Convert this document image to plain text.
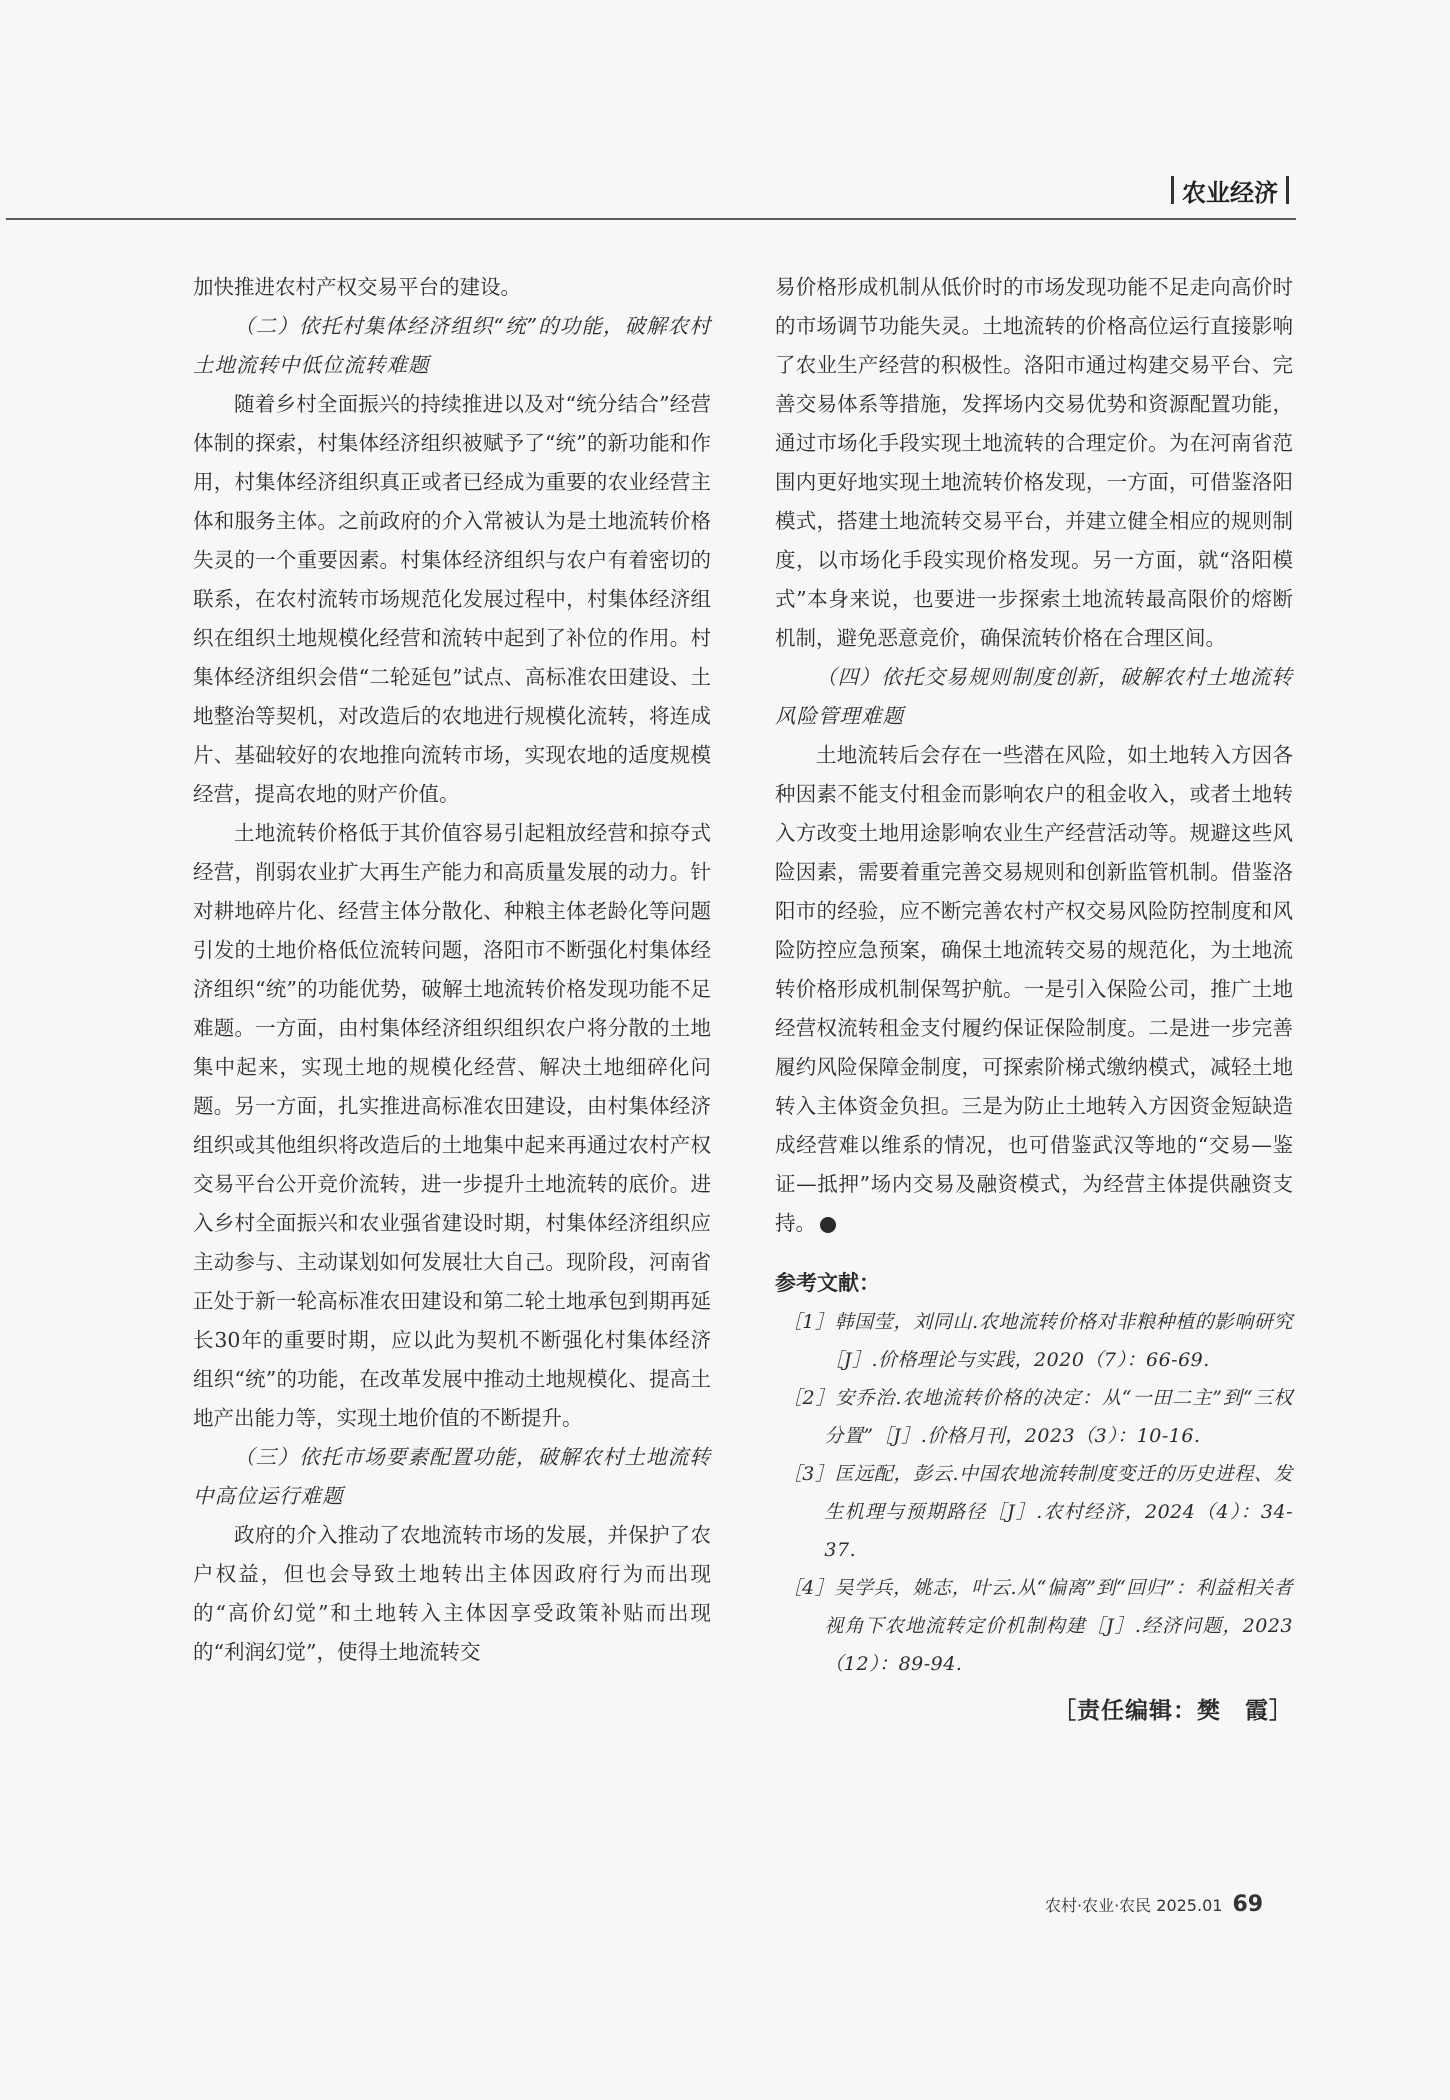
农业经济

加快推进农村产权交易平台的建设。

（二）依托村集体经济组织“统”的功能，破解农村土地流转中低位流转难题

随着乡村全面振兴的持续推进以及对“统分结合”经营体制的探索，村集体经济组织被赋予了“统”的新功能和作用，村集体经济组织真正或者已经成为重要的农业经营主体和服务主体。之前政府的介入常被认为是土地流转价格失灵的一个重要因素。村集体经济组织与农户有着密切的联系，在农村流转市场规范化发展过程中，村集体经济组织在组织土地规模化经营和流转中起到了补位的作用。村集体经济组织会借“二轮延包”试点、高标准农田建设、土地整治等契机，对改造后的农地进行规模化流转，将连成片、基础较好的农地推向流转市场，实现农地的适度规模经营，提高农地的财产价值。

土地流转价格低于其价值容易引起粗放经营和掠夺式经营，削弱农业扩大再生产能力和高质量发展的动力。针对耕地碎片化、经营主体分散化、种粮主体老龄化等问题引发的土地价格低位流转问题，洛阳市不断强化村集体经济组织“统”的功能优势，破解土地流转价格发现功能不足难题。一方面，由村集体经济组织组织农户将分散的土地集中起来，实现土地的规模化经营、解决土地细碎化问题。另一方面，扎实推进高标准农田建设，由村集体经济组织或其他组织将改造后的土地集中起来再通过农村产权交易平台公开竞价流转，进一步提升土地流转的底价。进入乡村全面振兴和农业强省建设时期，村集体经济组织应主动参与、主动谋划如何发展壮大自己。现阶段，河南省正处于新一轮高标准农田建设和第二轮土地承包到期再延长30年的重要时期，应以此为契机不断强化村集体经济组织“统”的功能，在改革发展中推动土地规模化、提高土地产出能力等，实现土地价值的不断提升。

（三）依托市场要素配置功能，破解农村土地流转中高位运行难题

政府的介入推动了农地流转市场的发展，并保护了农户权益，但也会导致土地转出主体因政府行为而出现的“高价幻觉”和土地转入主体因享受政策补贴而出现的“利润幻觉”，使得土地流转交

易价格形成机制从低价时的市场发现功能不足走向高价时的市场调节功能失灵。土地流转的价格高位运行直接影响了农业生产经营的积极性。洛阳市通过构建交易平台、完善交易体系等措施，发挥场内交易优势和资源配置功能，通过市场化手段实现土地流转的合理定价。为在河南省范围内更好地实现土地流转价格发现，一方面，可借鉴洛阳模式，搭建土地流转交易平台，并建立健全相应的规则制度，以市场化手段实现价格发现。另一方面，就“洛阳模式”本身来说，也要进一步探索土地流转最高限价的熔断机制，避免恶意竞价，确保流转价格在合理区间。

（四）依托交易规则制度创新，破解农村土地流转风险管理难题

土地流转后会存在一些潜在风险，如土地转入方因各种因素不能支付租金而影响农户的租金收入，或者土地转入方改变土地用途影响农业生产经营活动等。规避这些风险因素，需要着重完善交易规则和创新监管机制。借鉴洛阳市的经验，应不断完善农村产权交易风险防控制度和风险防控应急预案，确保土地流转交易的规范化，为土地流转价格形成机制保驾护航。一是引入保险公司，推广土地经营权流转租金支付履约保证保险制度。二是进一步完善履约风险保障金制度，可探索阶梯式缴纳模式，减轻土地转入主体资金负担。三是为防止土地转入方因资金短缺造成经营难以维系的情况，也可借鉴武汉等地的“交易—鉴证—抵押”场内交易及融资模式，为经营主体提供融资支持。

参考文献：
［1］韩国莹，刘同山.农地流转价格对非粮种植的影响研究［J］.价格理论与实践，2020（7）：66-69.
［2］安乔治.农地流转价格的决定：从“一田二主”到“三权分置”［J］.价格月刊，2023（3）：10-16.
［3］匡远配，彭云.中国农地流转制度变迁的历史进程、发生机理与预期路径［J］.农村经济，2024（4）：34-37.
［4］吴学兵，姚志，叶云.从“偏离”到“回归”：利益相关者视角下农地流转定价机制构建［J］.经济问题，2023（12）：89-94.
［责任编辑：樊　霞］
农村·农业·农民 2025.01 69
